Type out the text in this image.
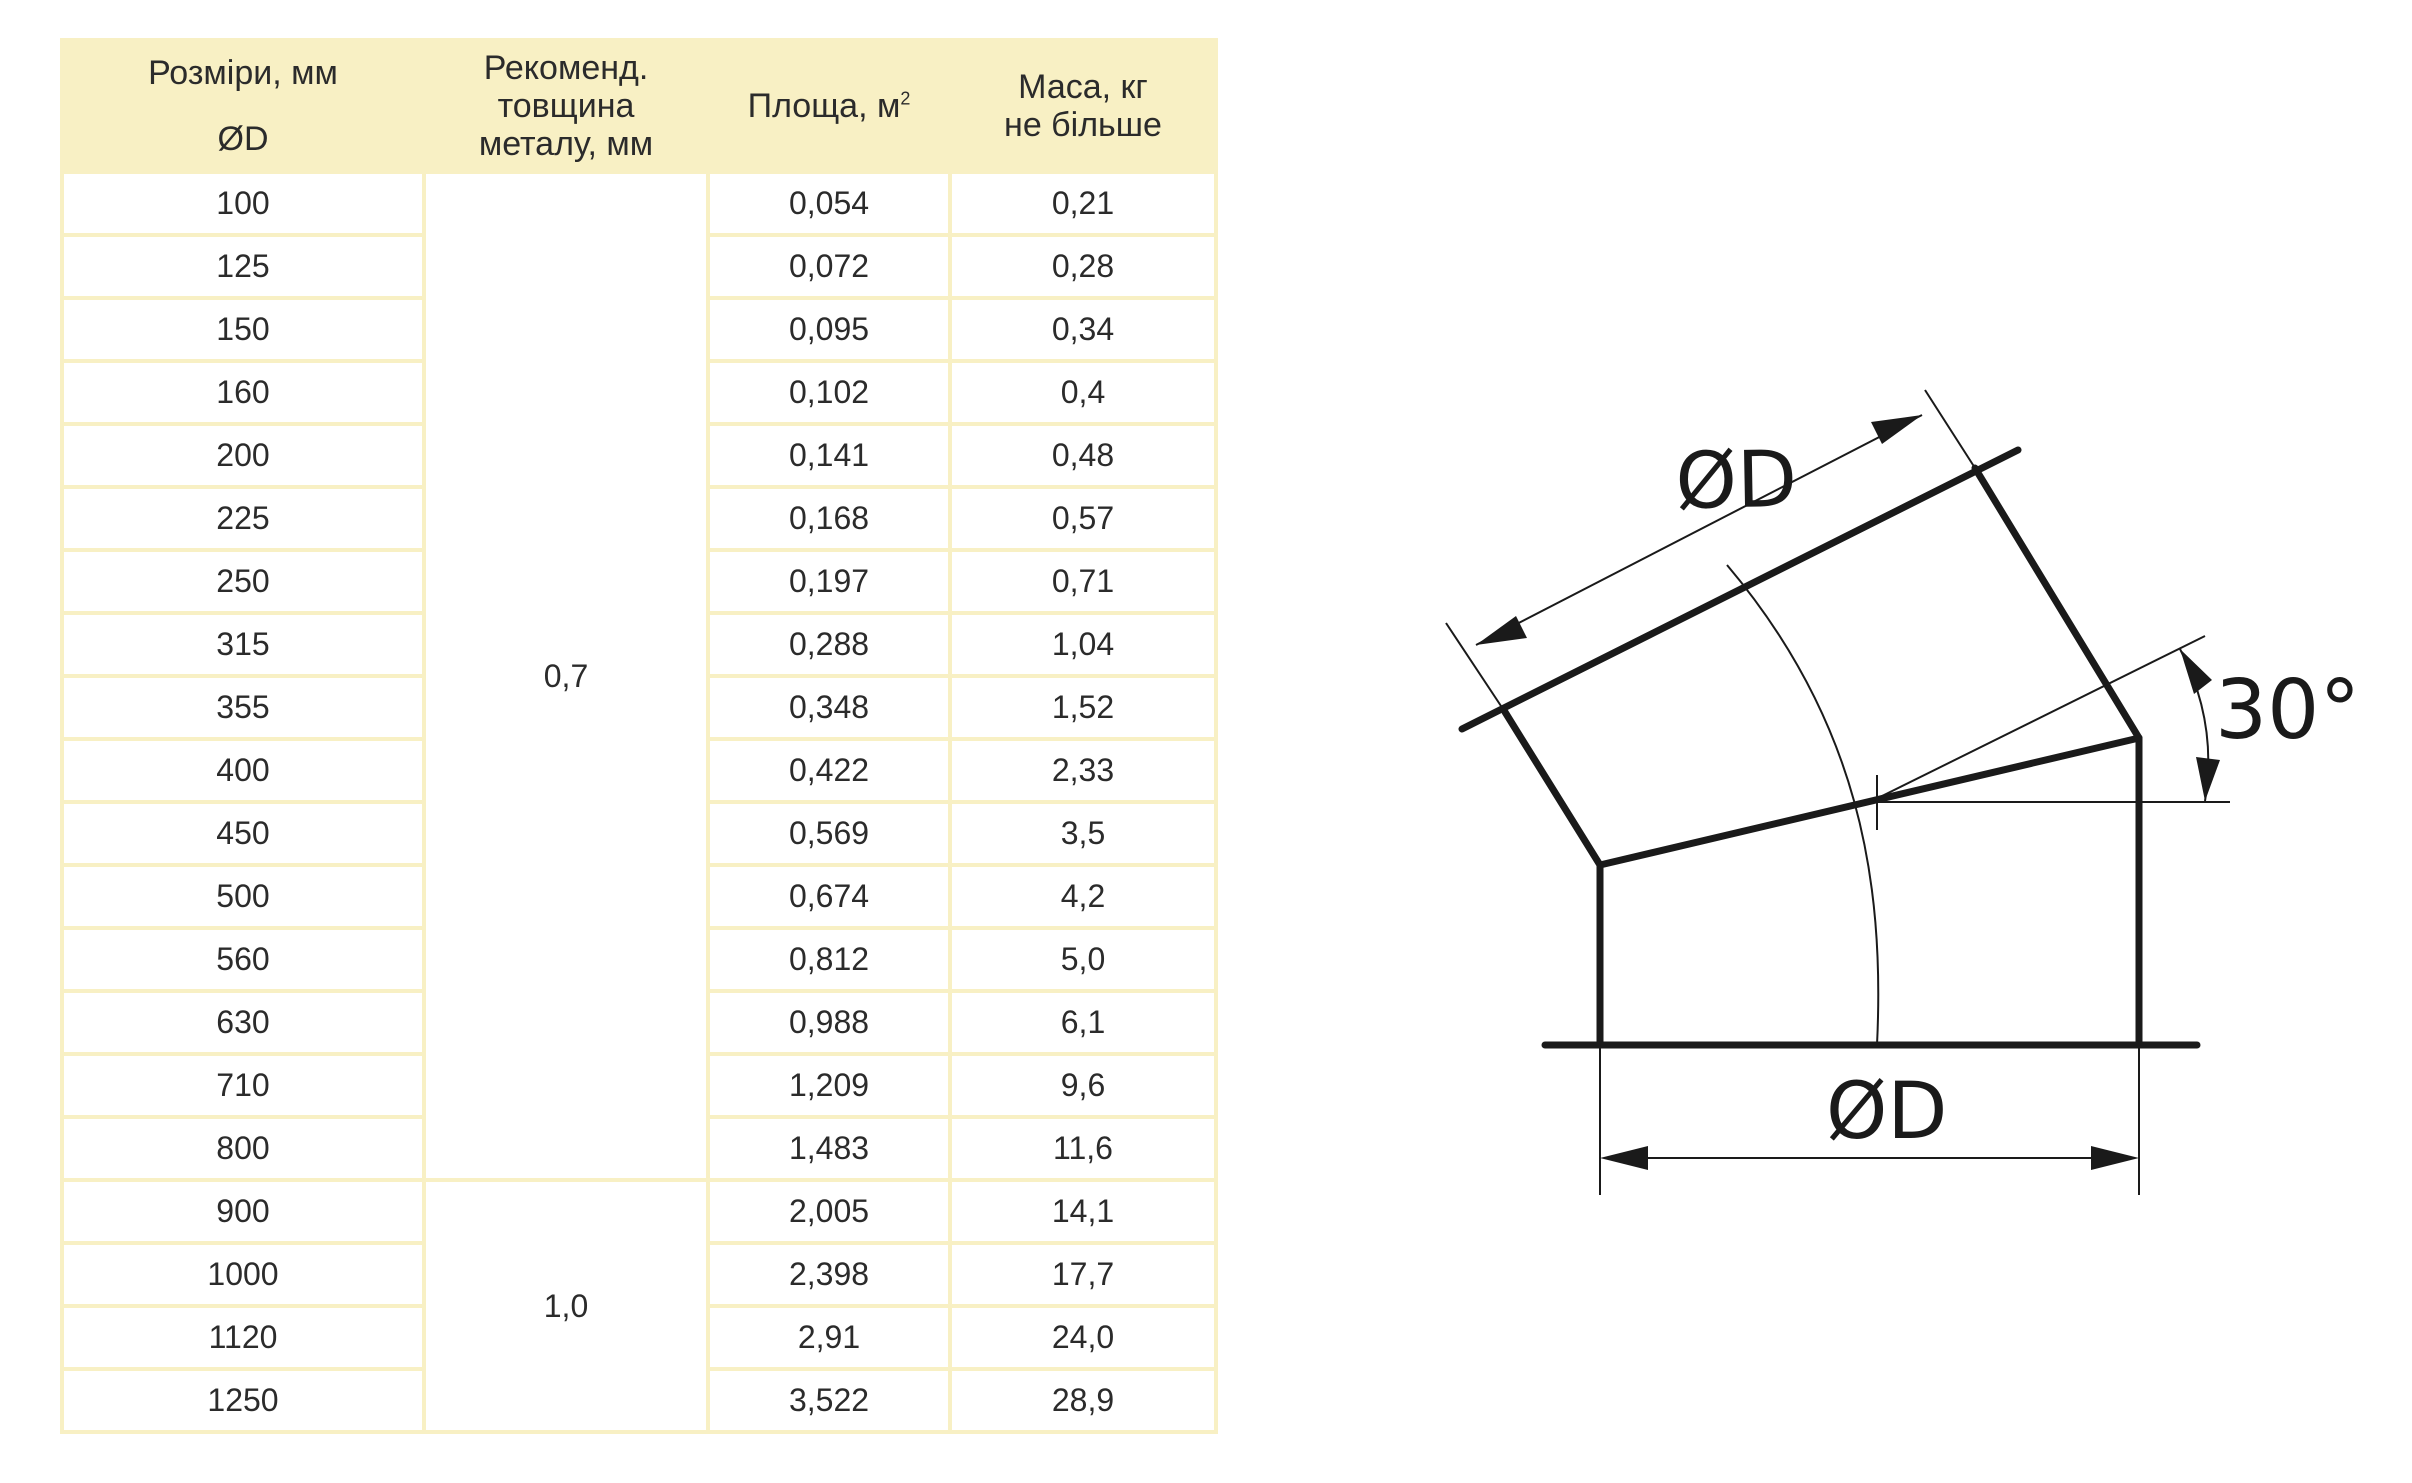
Розміри, мм	Рекоменд.
товщина
металу, мм	Площа, $м^2$	Маса, кг
не більше
ØD			
100	0,7	0,054	0,21
125		0,072	0,28
150		0,095	0,34
160		0,102	0,4
200		0,141	0,48
225		0,168	0,57
250		0,197	0,71
315		0,288	1,04
355		0,348	1,52
400		0,422	2,33
450		0,569	3,5
500		0,674	4,2
560		0,812	5,0
630		0,988	6,1
710		1,209	9,6
800		1,483	11,6
900	1,0	2,005	14,1
1000		2,398	17,7
1120		2,91	24,0
1250		3,522	28,9
ØD
ØD
30°
